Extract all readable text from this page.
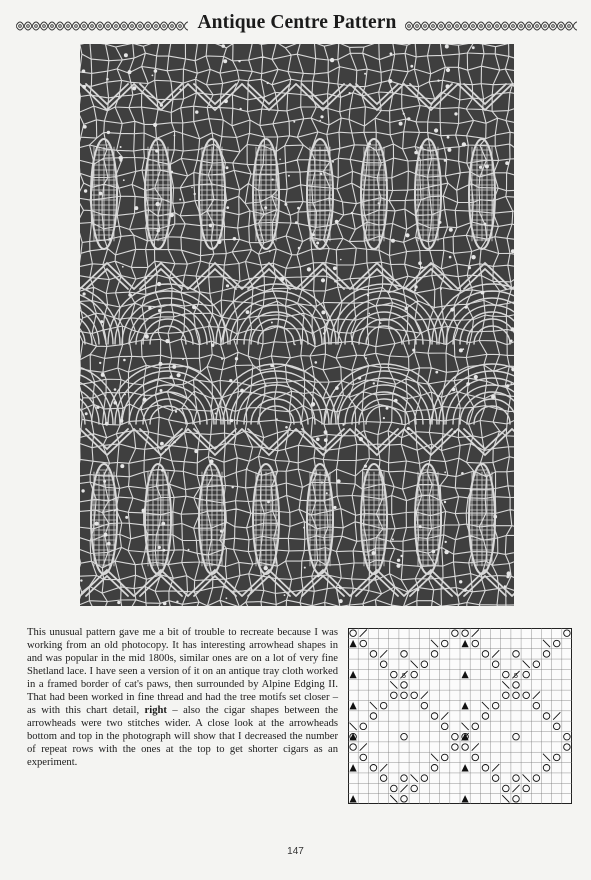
Antique Centre Pattern
This unusual pattern gave me a bit of trouble to recreate because I was working from an old photocopy. It has interesting arrowhead shapes in and was popular in the mid 1800s, similar ones are on a lot of very fine Shetland lace. I have seen a version of it on an antique tray cloth worked in a framed border of cat's paws, then surrounded by Alpine Edging II. That had been worked in fine thread and had the tree motifs set closer – as with this chart detail, right – also the cigar shapes between the arrowheads were two stitches wider. A close look at the arrowheads bottom and top in the photograph will show that I decreased the number of repeat rows with the ones at the top to get shorter cigars as an experiment.
5	5
147
